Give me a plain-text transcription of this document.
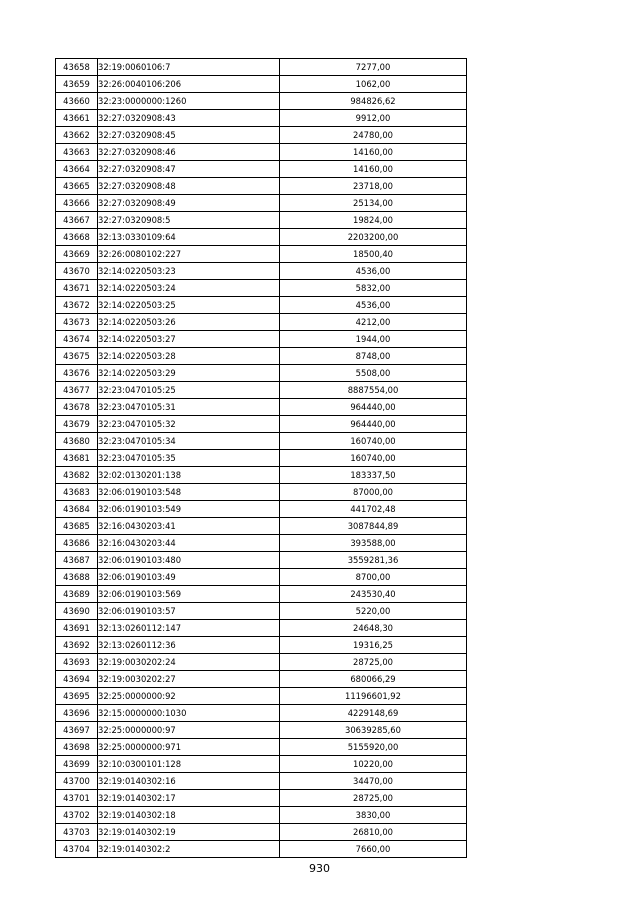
43658	32:19:0060106:7	7277,00
43659	32:26:0040106:206	1062,00
43660	32:23:0000000:1260	984826,62
43661	32:27:0320908:43	9912,00
43662	32:27:0320908:45	24780,00
43663	32:27:0320908:46	14160,00
43664	32:27:0320908:47	14160,00
43665	32:27:0320908:48	23718,00
43666	32:27:0320908:49	25134,00
43667	32:27:0320908:5	19824,00
43668	32:13:0330109:64	2203200,00
43669	32:26:0080102:227	18500,40
43670	32:14:0220503:23	4536,00
43671	32:14:0220503:24	5832,00
43672	32:14:0220503:25	4536,00
43673	32:14:0220503:26	4212,00
43674	32:14:0220503:27	1944,00
43675	32:14:0220503:28	8748,00
43676	32:14:0220503:29	5508,00
43677	32:23:0470105:25	8887554,00
43678	32:23:0470105:31	964440,00
43679	32:23:0470105:32	964440,00
43680	32:23:0470105:34	160740,00
43681	32:23:0470105:35	160740,00
43682	32:02:0130201:138	183337,50
43683	32:06:0190103:548	87000,00
43684	32:06:0190103:549	441702,48
43685	32:16:0430203:41	3087844,89
43686	32:16:0430203:44	393588,00
43687	32:06:0190103:480	3559281,36
43688	32:06:0190103:49	8700,00
43689	32:06:0190103:569	243530,40
43690	32:06:0190103:57	5220,00
43691	32:13:0260112:147	24648,30
43692	32:13:0260112:36	19316,25
43693	32:19:0030202:24	28725,00
43694	32:19:0030202:27	680066,29
43695	32:25:0000000:92	11196601,92
43696	32:15:0000000:1030	4229148,69
43697	32:25:0000000:97	30639285,60
43698	32:25:0000000:971	5155920,00
43699	32:10:0300101:128	10220,00
43700	32:19:0140302:16	34470,00
43701	32:19:0140302:17	28725,00
43702	32:19:0140302:18	3830,00
43703	32:19:0140302:19	26810,00
43704	32:19:0140302:2	7660,00
930
